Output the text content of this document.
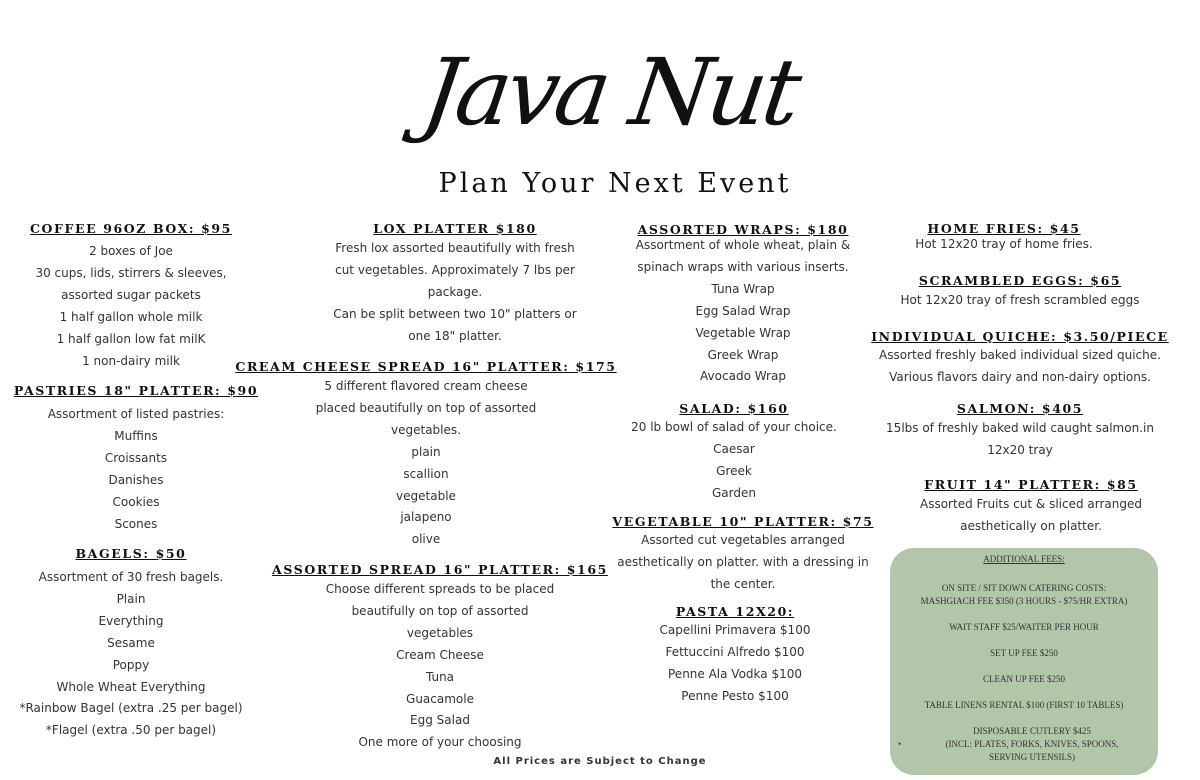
Java Nut
Plan Your Next Event
COFFEE 96OZ BOX: $95
2 boxes of Joe
30 cups, lids, stirrers & sleeves,
assorted sugar packets
1 half gallon whole milk
1 half gallon low fat milK
1 non-dairy milk
PASTRIES 18" PLATTER: $90
Assortment of listed pastries:
Muffins
Croissants
Danishes
Cookies
Scones
BAGELS: $50
Assortment of 30 fresh bagels.
Plain
Everything
Sesame
Poppy
Whole Wheat Everything
*Rainbow Bagel (extra .25 per bagel)
*Flagel (extra .50 per bagel)
LOX PLATTER $180
Fresh lox assorted beautifully with fresh
cut vegetables. Approximately 7 lbs per
package.
Can be split between two 10" platters or
one 18" platter.
CREAM CHEESE SPREAD 16" PLATTER: $175
5 different flavored cream cheese
placed beautifully on top of assorted
vegetables.
plain
scallion
vegetable
jalapeno
olive
ASSORTED SPREAD 16" PLATTER: $165
Choose different spreads to be placed
beautifully on top of assorted
vegetables
Cream Cheese
Tuna
Guacamole
Egg Salad
One more of your choosing
ASSORTED WRAPS: $180
Assortment of whole wheat, plain &
spinach wraps with various inserts.
Tuna Wrap
Egg Salad Wrap
Vegetable Wrap
Greek Wrap
Avocado Wrap
SALAD: $160
20 lb bowl of salad of your choice.
Caesar
Greek
Garden
VEGETABLE 10" PLATTER: $75
Assorted cut vegetables arranged
aesthetically on platter. with a dressing in
the center.
PASTA 12X20:
Capellini Primavera $100
Fettuccini Alfredo $100
Penne Ala Vodka $100
Penne Pesto $100
HOME FRIES: $45
Hot 12x20 tray of home fries.
SCRAMBLED EGGS: $65
Hot 12x20 tray of fresh scrambled eggs
INDIVIDUAL QUICHE: $3.50/PIECE
Assorted freshly baked individual sized quiche.
Various flavors dairy and non-dairy options.
SALMON: $405
15lbs of freshly baked wild caught salmon.in
12x20 tray
FRUIT 14" PLATTER: $85
Assorted Fruits cut & sliced arranged
aesthetically on platter.
ADDITIONAL FEES:
ON SITE / SIT DOWN CATERING COSTS:
MASHGIACH FEE $350 (3 HOURS - $75/HR EXTRA)
WAIT STAFF $25/WAITER PER HOUR
SET UP FEE $250
CLEAN UP FEE $250
TABLE LINENS RENTAL $100 (FIRST 10 TABLES)
DISPOSABLE CUTLERY $425
(INCL: PLATES, FORKS, KNIVES, SPOONS,
SERVING UTENSILS)
•
All Prices are Subject to Change
